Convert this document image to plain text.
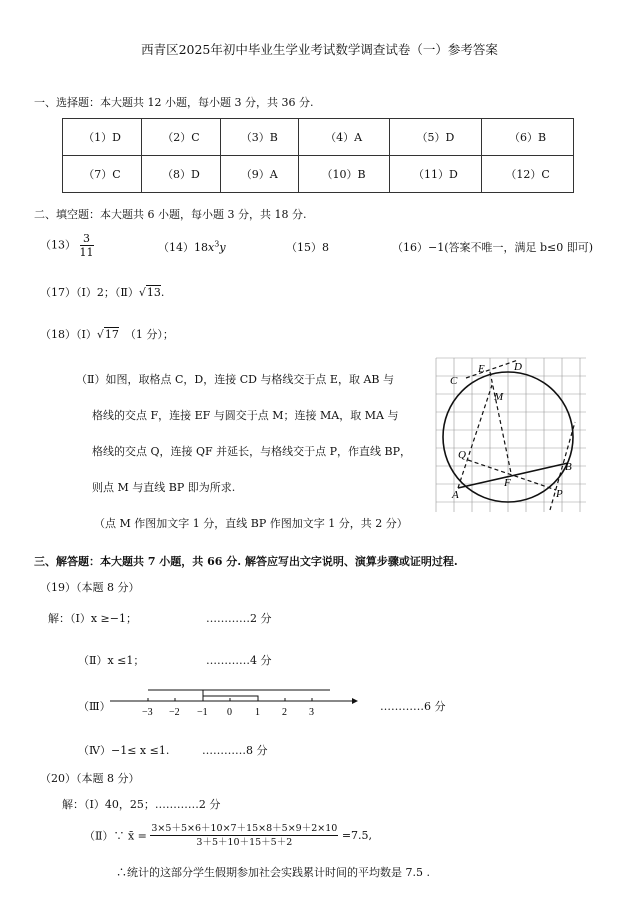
西青区2025年初中毕业生学业考试数学调查试卷（一）参考答案
一、选择题：本大题共 12 小题，每小题 3 分，共 36 分.
（1）D	（2）C	（3）B	（4）A	（5）D	（6）B
（7）C	（8）D	（9）A	（10）B	（11）D	（12）C
二、填空题：本大题共 6 小题，每小题 3 分，共 18 分.
$(13) \frac{3}{11}$	$(14)18x^3y$	（15）8	（16）−1(答案不唯一，满足 b≤0 即可)
（17）（Ⅰ）2；（Ⅱ）√13.
（18）（Ⅰ）√17 （1 分）；
（Ⅱ）如图，取格点 C，D，连接 CD 与格线交于点 E，取 AB 与
格线的交点 F，连接 EF 与圆交于点 M；连接 MA，取 MA 与
格线的交点 Q，连接 QF 并延长，与格线交于点 P，作直线 BP，
则点 M 与直线 BP 即为所求.
（点 M 作图加文字 1 分，直线 BP 作图加文字 1 分，共 2 分）
C
E	D
M
Q
F
B
A	P
三、解答题：本大题共 7 小题，共 66 分. 解答应写出文字说明、演算步骤或证明过程.
（19）（本题 8 分）
解：（Ⅰ）x ≥−1；	…………2 分
（Ⅱ）x ≤1；	…………4 分
（Ⅲ）	−3 −2 −1 0 1 2 3	…………6 分
（Ⅳ）−1≤ x ≤1.	…………8 分
（20）（本题 8 分）
解：（Ⅰ）40，25；…………2 分
（Ⅱ）∵ x̄ = $\frac{3\times 5+5\times 6+10\times 7+15\times 8+5\times 9+2\times 10}{3+5+10+15+5+2} =7.5$,
∴统计的这部分学生假期参加社会实践累计时间的平均数是 7.5 .
